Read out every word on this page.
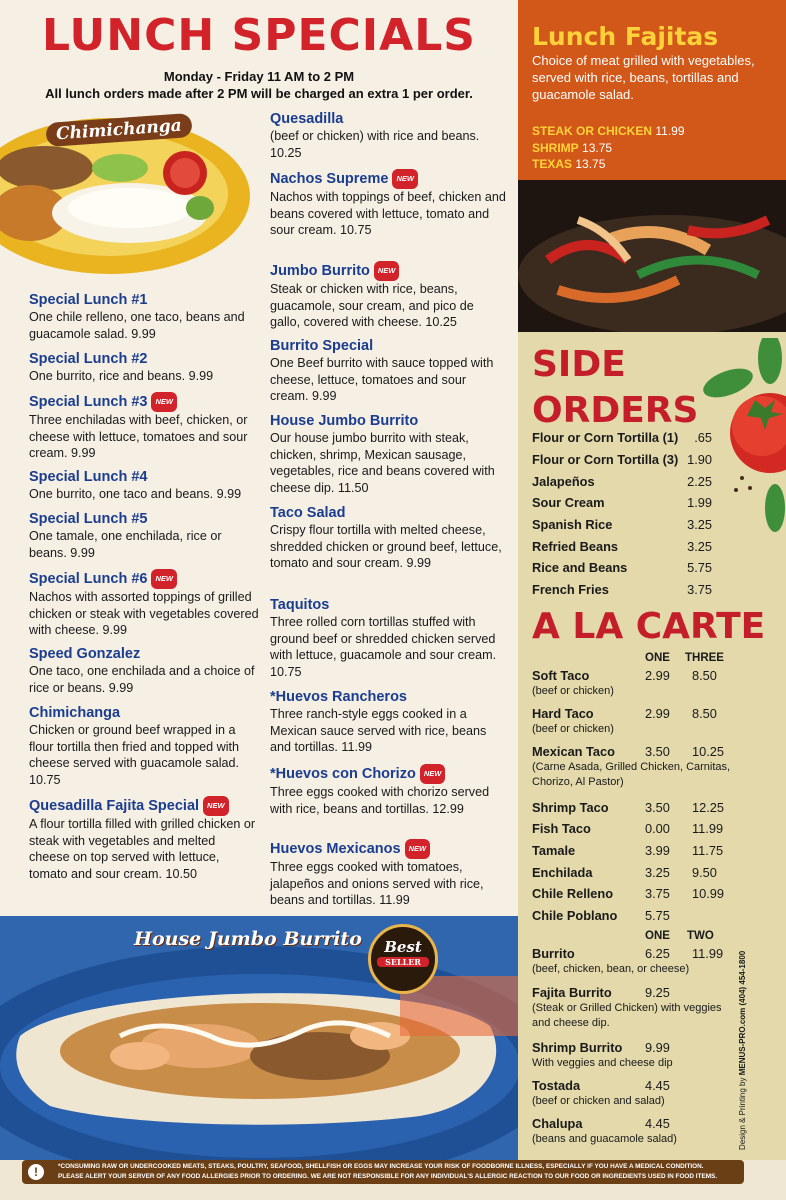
LUNCH SPECIALS
Monday - Friday 11 AM to 2 PM
All lunch orders made after 2 PM will be charged an extra 1 per order.
Chimichanga
Special Lunch #1
One chile relleno, one taco, beans and guacamole salad. 9.99
Special Lunch #2
One burrito, rice and beans. 9.99
Special Lunch #3 NEW
Three enchiladas with beef, chicken, or cheese with lettuce, tomatoes and sour cream. 9.99
Special Lunch #4
One burrito, one taco and beans. 9.99
Special Lunch #5
One tamale, one enchilada, rice or beans. 9.99
Special Lunch #6 NEW
Nachos with assorted toppings of grilled chicken or steak with vegetables covered with cheese. 9.99
Speed Gonzalez
One taco, one enchilada and a choice of rice or beans. 9.99
Chimichanga
Chicken or ground beef wrapped in a flour tortilla then fried and topped with cheese served with guacamole salad. 10.75
Quesadilla Fajita Special NEW
A flour tortilla filled with grilled chicken or steak with vegetables and melted cheese on top served with lettuce, tomato and sour cream. 10.50
Quesadilla
(beef or chicken) with rice and beans. 10.25
Nachos Supreme NEW
Nachos with toppings of beef, chicken and beans covered with lettuce, tomato and sour cream. 10.75
Jumbo Burrito NEW
Steak or chicken with rice, beans, guacamole, sour cream, and pico de gallo, covered with cheese. 10.25
Burrito Special
One Beef burrito with sauce topped with cheese, lettuce, tomatoes and sour cream. 9.99
House Jumbo Burrito
Our house jumbo burrito with steak, chicken, shrimp, Mexican sausage, vegetables, rice and beans covered with cheese dip. 11.50
Taco Salad
Crispy flour tortilla with melted cheese, shredded chicken or ground beef, lettuce, tomato and sour cream. 9.99
Taquitos
Three rolled corn tortillas stuffed with ground beef or shredded chicken served with lettuce, guacamole and sour cream. 10.75
*Huevos Rancheros
Three ranch-style eggs cooked in a Mexican sauce served with rice, beans and tortillas. 11.99
*Huevos con Chorizo NEW
Three eggs cooked with chorizo served with rice, beans and tortillas. 12.99
Huevos Mexicanos NEW
Three eggs cooked with tomatoes, jalapeños and onions served with rice, beans and tortillas. 11.99
House Jumbo Burrito	Best
SELLER
Lunch Fajitas
Choice of meat grilled with vegetables, served with rice, beans, tortillas and guacamole salad.
STEAK OR CHICKEN 11.99
SHRIMP 13.75
TEXAS 13.75
SIDE
ORDERS
Flour or Corn Tortilla (1) .65
Flour or Corn Tortilla (3) 1.90
Jalapeños	2.25
Sour Cream	1.99
Spanish Rice	3.25
Refried Beans	3.25
Rice and Beans	5.75
French Fries	3.75
A LA CARTE
ONE THREE
Soft Taco
(beef or chicken)
2.99 8.50
Hard Taco
(beef or chicken)
2.99 8.50
Mexican Taco
(Carne Asada, Grilled Chicken, Carnitas, Chorizo, Al Pastor)
3.50 10.25
Shrimp Taco	3.50 12.25
Fish Taco	0.00 11.99
Tamale	3.99 11.75
Enchilada	3.25 9.50
Chile Relleno	3.75 10.99
Chile Poblano	5.75
ONE TWO
Burrito
(beef, chicken, bean, or cheese)
6.25 11.99
Fajita Burrito
(Steak or Grilled Chicken) with veggies and cheese dip.
9.25
Shrimp Burrito
With veggies and cheese dip
9.99
Tostada
(beef or chicken and salad)
4.45
Chalupa
(beans and guacamole salad)
4.45	Design & Printing by MENUS-PRO.com (404) 454-1800
!	*CONSUMING RAW OR UNDERCOOKED MEATS, STEAKS, POULTRY, SEAFOOD, SHELLFISH OR EGGS MAY INCREASE YOUR RISK OF FOODBORNE ILLNESS, ESPECIALLY IF YOU HAVE A MEDICAL CONDITION.
PLEASE ALERT YOUR SERVER OF ANY FOOD ALLERGIES PRIOR TO ORDERING. WE ARE NOT RESPONSIBLE FOR ANY INDIVIDUAL'S ALLERGIC REACTION TO OUR FOOD OR INGREDIENTS USED IN FOOD ITEMS.
